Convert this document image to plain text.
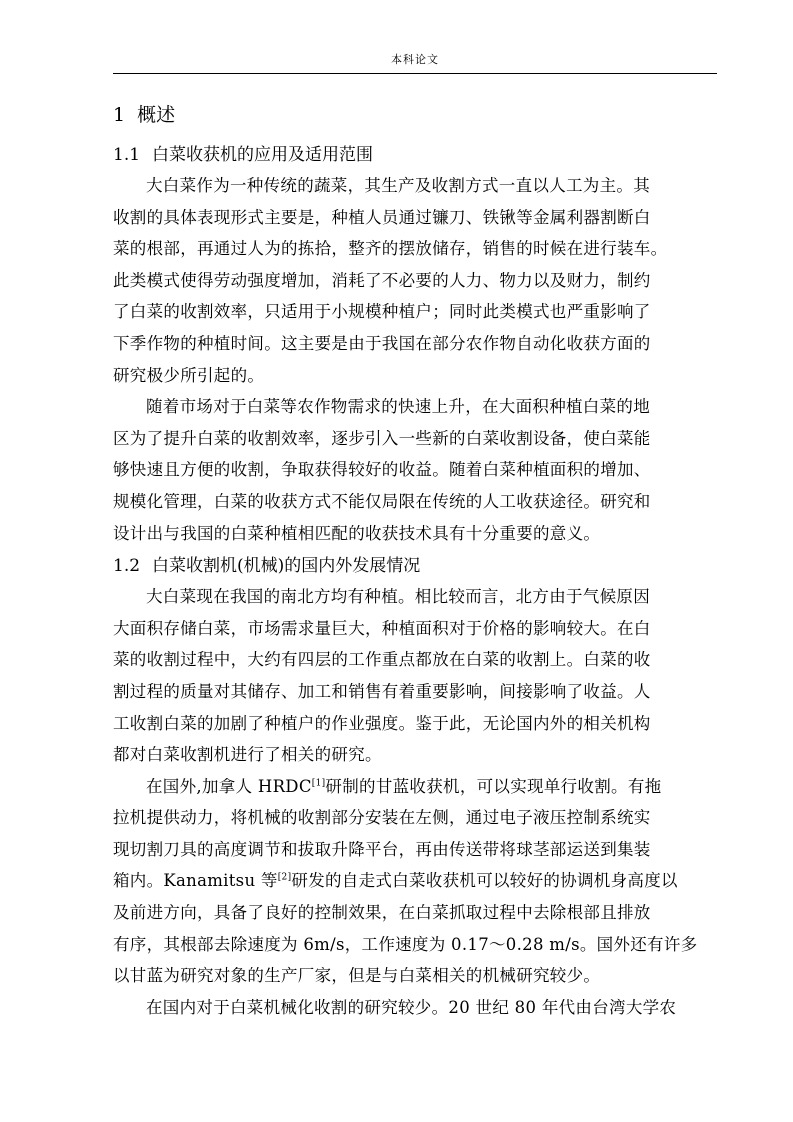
本科论文
1 概述
1.1 白菜收获机的应用及适用范围

大白菜作为一种传统的蔬菜，其生产及收割方式一直以人工为主。其
收割的具体表现形式主要是，种植人员通过镰刀、铁锹等金属利器割断白
菜的根部，再通过人为的拣拾，整齐的摆放储存，销售的时候在进行装车。
此类模式使得劳动强度增加，消耗了不必要的人力、物力以及财力，制约
了白菜的收割效率，只适用于小规模种植户；同时此类模式也严重影响了
下季作物的种植时间。这主要是由于我国在部分农作物自动化收获方面的
研究极少所引起的。

随着市场对于白菜等农作物需求的快速上升，在大面积种植白菜的地
区为了提升白菜的收割效率，逐步引入一些新的白菜收割设备，使白菜能
够快速且方便的收割，争取获得较好的收益。随着白菜种植面积的增加、
规模化管理，白菜的收获方式不能仅局限在传统的人工收获途径。研究和
设计出与我国的白菜种植相匹配的收获技术具有十分重要的意义。

1.2 白菜收割机(机械)的国内外发展情况

大白菜现在我国的南北方均有种植。相比较而言，北方由于气候原因
大面积存储白菜，市场需求量巨大，种植面积对于价格的影响较大。在白
菜的收割过程中，大约有四层的工作重点都放在白菜的收割上。白菜的收
割过程的质量对其储存、加工和销售有着重要影响，间接影响了收益。人
工收割白菜的加剧了种植户的作业强度。鉴于此，无论国内外的相关机构
都对白菜收割机进行了相关的研究。

在国外,加拿人 HRDC[1]研制的甘蓝收获机，可以实现单行收割。有拖
拉机提供动力，将机械的收割部分安装在左侧，通过电子液压控制系统实
现切割刀具的高度调节和拔取升降平台，再由传送带将球茎部运送到集装
箱内。Kanamitsu 等[2]研发的自走式白菜收获机可以较好的协调机身高度以
及前进方向，具备了良好的控制效果，在白菜抓取过程中去除根部且排放
有序，其根部去除速度为 6m/s，工作速度为 0.17～0.28 m/s。国外还有许多
以甘蓝为研究对象的生产厂家，但是与白菜相关的机械研究较少。

在国内对于白菜机械化收割的研究较少。20 世纪 80 年代由台湾大学农
